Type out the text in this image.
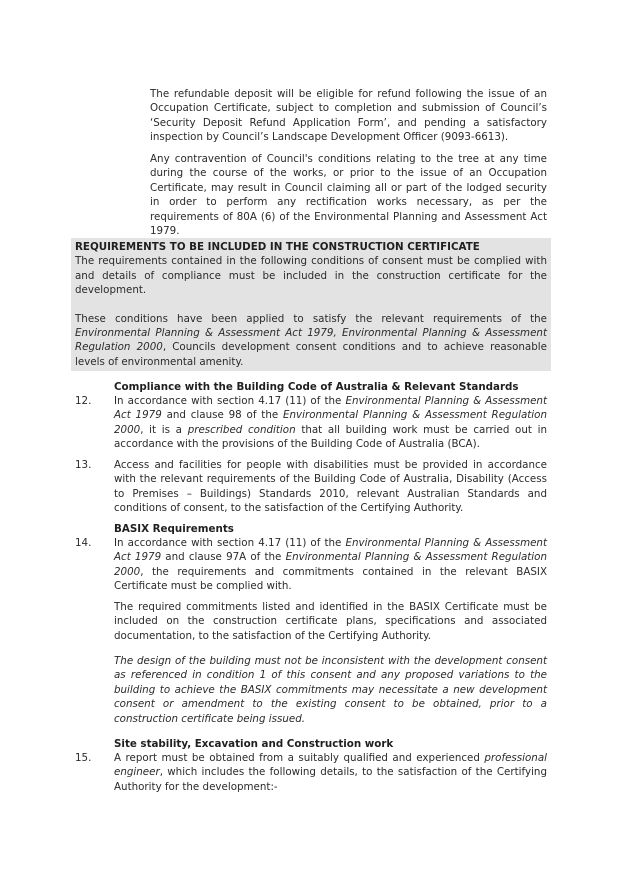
The refundable deposit will be eligible for refund following the issue of an Occupation Certificate, subject to completion and submission of Council’s ‘Security Deposit Refund Application Form’, and pending a satisfactory inspection by Council’s Landscape Development Officer (9093-6613).

Any contravention of Council's conditions relating to the tree at any time during the course of the works, or prior to the issue of an Occupation Certificate, may result in Council claiming all or part of the lodged security in order to perform any rectification works necessary, as per the requirements of 80A (6) of the Environmental Planning and Assessment Act 1979.

REQUIREMENTS TO BE INCLUDED IN THE CONSTRUCTION CERTIFICATE

The requirements contained in the following conditions of consent must be complied with and details of compliance must be included in the construction certificate for the development.

These conditions have been applied to satisfy the relevant requirements of the Environmental Planning & Assessment Act 1979, Environmental Planning & Assessment Regulation 2000, Councils development consent conditions and to achieve reasonable levels of environmental amenity.

Compliance with the Building Code of Australia & Relevant Standards
12.	In accordance with section 4.17 (11) of the Environmental Planning & Assessment Act 1979 and clause 98 of the Environmental Planning & Assessment Regulation 2000, it is a prescribed condition that all building work must be carried out in accordance with the provisions of the Building Code of Australia (BCA).

13.	Access and facilities for people with disabilities must be provided in accordance with the relevant requirements of the Building Code of Australia, Disability (Access to Premises – Buildings) Standards 2010, relevant Australian Standards and conditions of consent, to the satisfaction of the Certifying Authority.

BASIX Requirements
14.	In accordance with section 4.17 (11) of the Environmental Planning & Assessment Act 1979 and clause 97A of the Environmental Planning & Assessment Regulation 2000, the requirements and commitments contained in the relevant BASIX Certificate must be complied with.

The required commitments listed and identified in the BASIX Certificate must be included on the construction certificate plans, specifications and associated documentation, to the satisfaction of the Certifying Authority.

The design of the building must not be inconsistent with the development consent as referenced in condition 1 of this consent and any proposed variations to the building to achieve the BASIX commitments may necessitate a new development consent or amendment to the existing consent to be obtained, prior to a construction certificate being issued.

Site stability, Excavation and Construction work
15.	A report must be obtained from a suitably qualified and experienced professional engineer, which includes the following details, to the satisfaction of the Certifying Authority for the development:-
